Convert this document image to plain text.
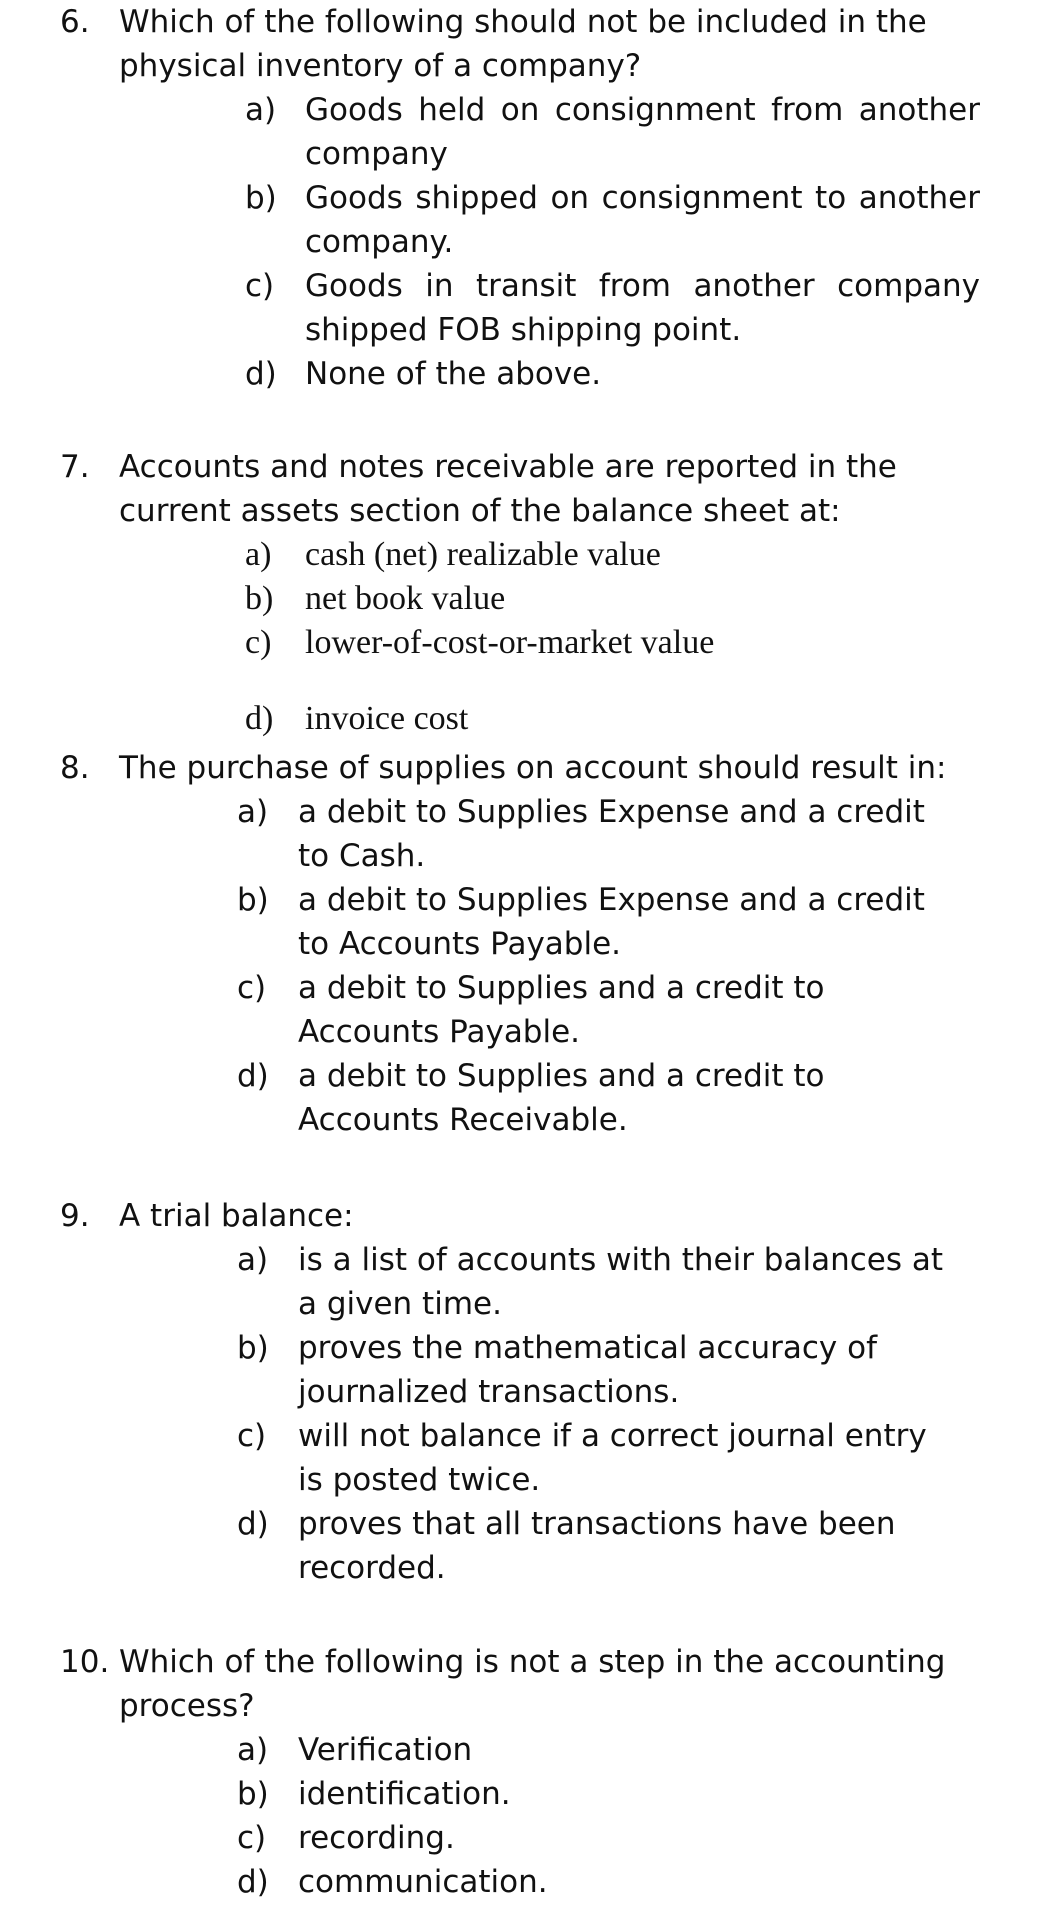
6. Which of the following should not be included in the physical inventory of a company?
a) Goods held on consignment from another company
b) Goods shipped on consignment to another company.
c) Goods in transit from another company shipped FOB shipping point.
d) None of the above.
7. Accounts and notes receivable are reported in the current assets section of the balance sheet at:
a) cash (net) realizable value
b) net book value
c) lower-of-cost-or-market value
d) invoice cost
8. The purchase of supplies on account should result in:
a) a debit to Supplies Expense and a credit to Cash.
b) a debit to Supplies Expense and a credit to Accounts Payable.
c)	a debit to Supplies and a credit to Accounts Payable.
d) a debit to Supplies and a credit to Accounts Receivable.
9. A trial balance:
a) is a list of accounts with their balances at a given time.
b) proves the mathematical accuracy of journalized transactions.
c)	will not balance if a correct journal entry is posted twice.
d) proves that all transactions have been recorded.
10. Which of the following is not a step in the accounting process?
a) Verification
b) identification.
c)	recording.
d) communication.
